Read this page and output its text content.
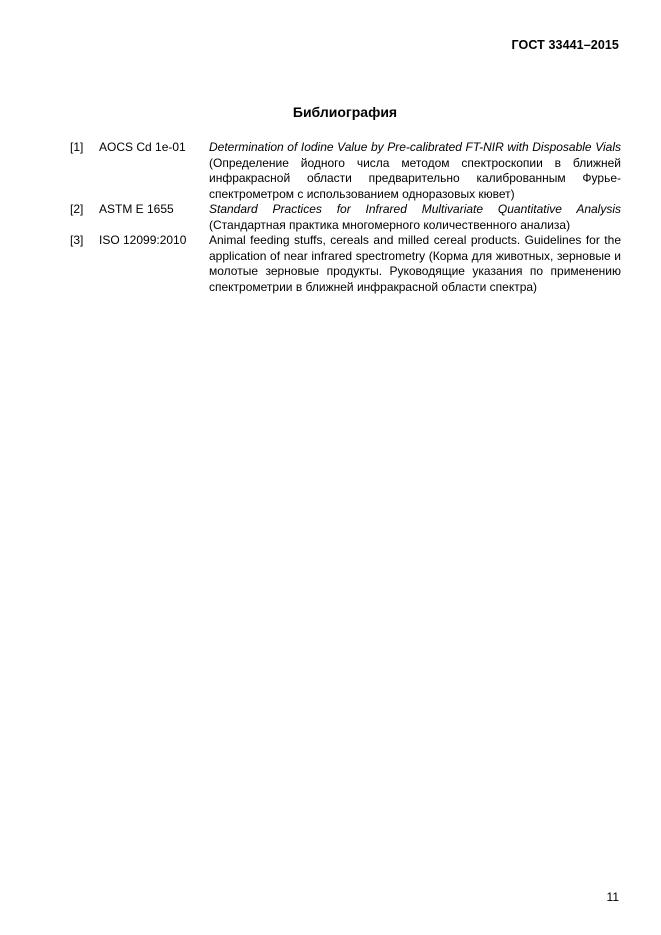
ГОСТ 33441–2015
Библиография
[1]	AOCS Cd 1e-01	Determination of Iodine Value by Pre-calibrated FT-NIR with Disposable Vials (Определение йодного числа методом спектроскопии в ближней инфракрасной области предварительно калиброванным Фурье-спектрометром с использованием одноразовых кювет)
[2]	ASTM E 1655	Standard Practices for Infrared Multivariate Quantitative Analysis (Стандартная практика многомерного количественного анализа)
[3]	ISO 12099:2010	Animal feeding stuffs, cereals and milled cereal products. Guidelines for the application of near infrared spectrometry (Корма для животных, зерновые и молотые зерновые продукты. Руководящие указания по применению спектрометрии в ближней инфракрасной области спектра)
11
